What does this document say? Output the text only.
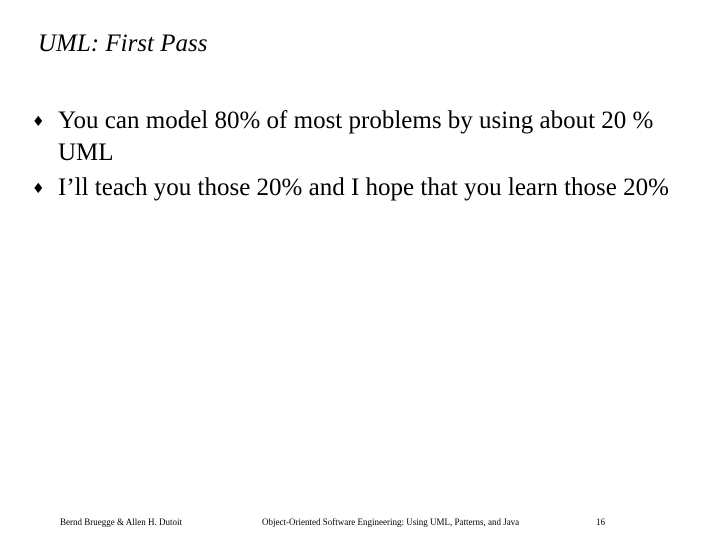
UML: First Pass
♦ You can model 80% of most problems by using about 20 % UML
♦ I’ll teach you those 20% and I hope that you learn those 20%
Bernd Bruegge & Allen H. Dutoit	Object-Oriented Software Engineering: Using UML, Patterns, and Java	16
